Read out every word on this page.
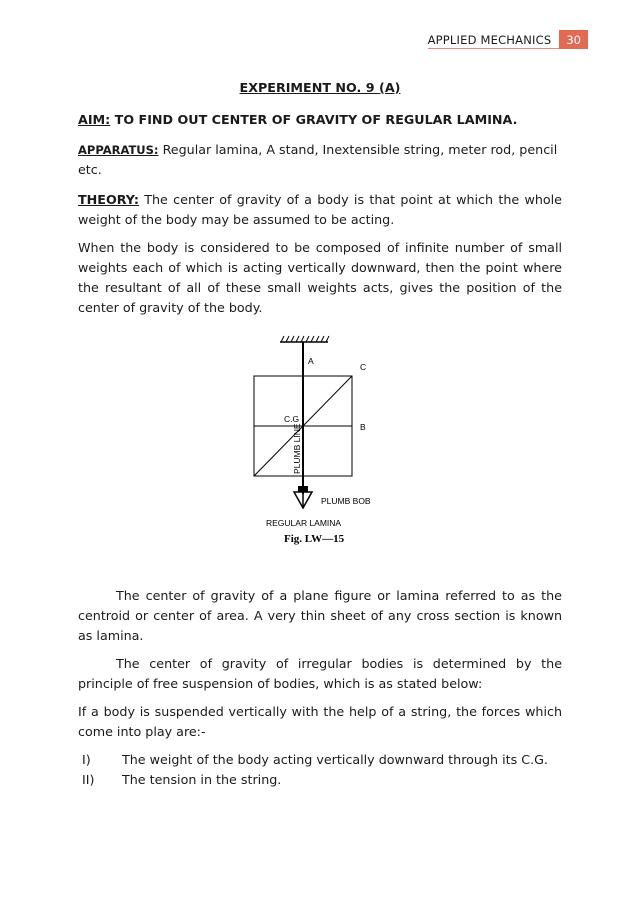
APPLIED MECHANICS	30
EXPERIMENT NO. 9 (A)
AIM: TO FIND OUT CENTER OF GRAVITY OF REGULAR LAMINA.
APPARATUS: Regular lamina, A stand, Inextensible string, meter rod, pencil etc.

THEORY: The center of gravity of a body is that point at which the whole weight of the body may be assumed to be acting.

When the body is considered to be composed of infinite number of small weights each of which is acting vertically downward, then the point where the resultant of all of these small weights acts, gives the position of the center of gravity of the body.

A
C
C.G
B
PLUMB LINE
PLUMB BOB
REGULAR LAMINA
Fig. LW—15

The center of gravity of a plane figure or lamina referred to as the centroid or center of area. A very thin sheet of any cross section is known as lamina.

The center of gravity of irregular bodies is determined by the principle of free suspension of bodies, which is as stated below:

If a body is suspended vertically with the help of a string, the forces which come into play are:-

I)	The weight of the body acting vertically downward through its C.G.
II)	The tension in the string.
